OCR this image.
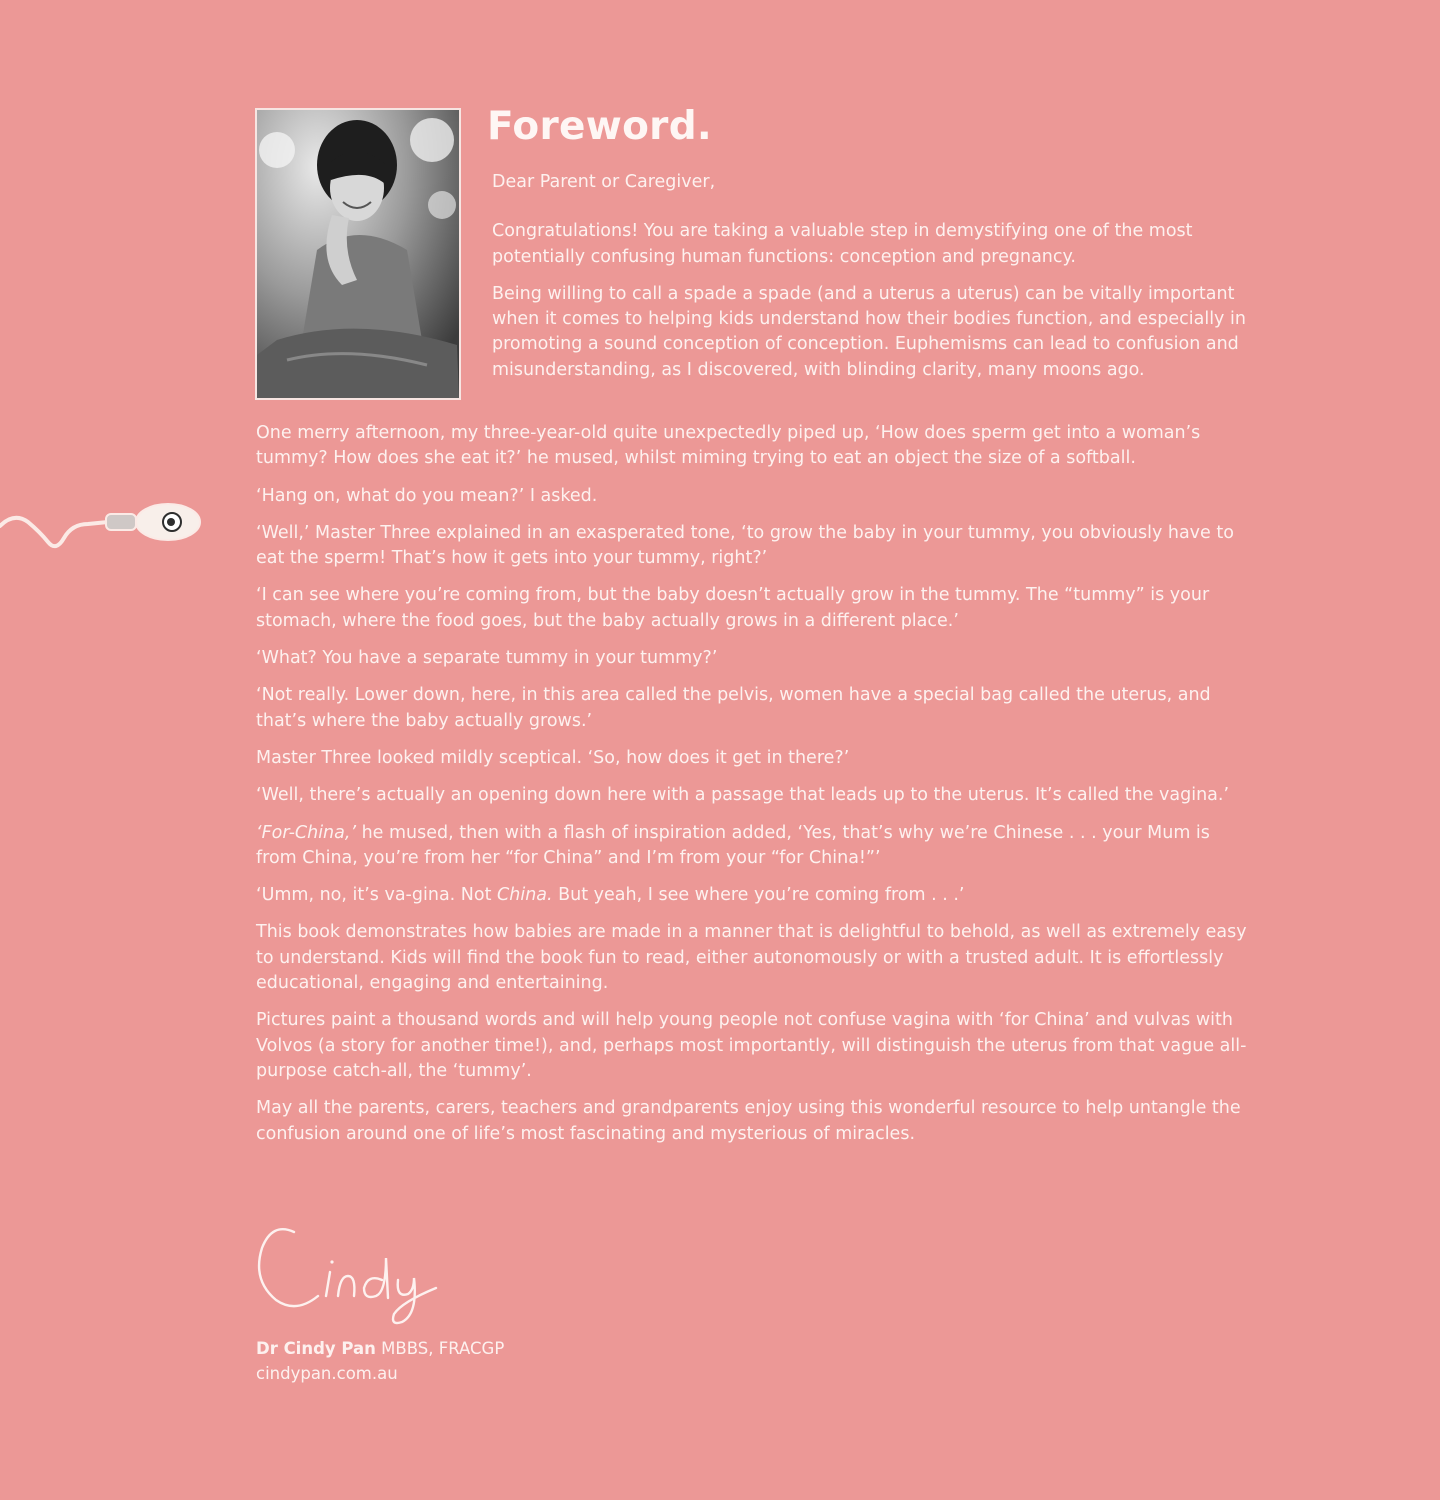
Foreword.

Dear Parent or Caregiver,

Congratulations! You are taking a valuable step in demystifying one of the most potentially confusing human functions: conception and pregnancy.

Being willing to call a spade a spade (and a uterus a uterus) can be vitally important when it comes to helping kids understand how their bodies function, and especially in promoting a sound conception of conception. Euphemisms can lead to confusion and misunderstanding, as I discovered, with blinding clarity, many moons ago.

One merry afternoon, my three-year-old quite unexpectedly piped up, ‘How does sperm get into a woman’s tummy? How does she eat it?’ he mused, whilst miming trying to eat an object the size of a softball.

‘Hang on, what do you mean?’ I asked.

‘Well,’ Master Three explained in an exasperated tone, ‘to grow the baby in your tummy, you obviously have to eat the sperm! That’s how it gets into your tummy, right?’

‘I can see where you’re coming from, but the baby doesn’t actually grow in the tummy. The “tummy” is your stomach, where the food goes, but the baby actually grows in a different place.’

‘What? You have a separate tummy in your tummy?’

‘Not really. Lower down, here, in this area called the pelvis, women have a special bag called the uterus, and that’s where the baby actually grows.’

Master Three looked mildly sceptical. ‘So, how does it get in there?’

‘Well, there’s actually an opening down here with a passage that leads up to the uterus. It’s called the vagina.’

‘For-China,’ he mused, then with a flash of inspiration added, ‘Yes, that’s why we’re Chinese . . . your Mum is from China, you’re from her “for China” and I’m from your “for China!”’

‘Umm, no, it’s va-gina. Not China. But yeah, I see where you’re coming from . . .’

This book demonstrates how babies are made in a manner that is delightful to behold, as well as extremely easy to understand. Kids will find the book fun to read, either autonomously or with a trusted adult. It is effortlessly educational, engaging and entertaining.

Pictures paint a thousand words and will help young people not confuse vagina with ‘for China’ and vulvas with Volvos (a story for another time!), and, perhaps most importantly, will distinguish the uterus from that vague all-purpose catch-all, the ‘tummy’.

May all the parents, carers, teachers and grandparents enjoy using this wonderful resource to help untangle the confusion around one of life’s most fascinating and mysterious of miracles.

Dr Cindy Pan MBBS, FRACGP
cindypan.com.au
